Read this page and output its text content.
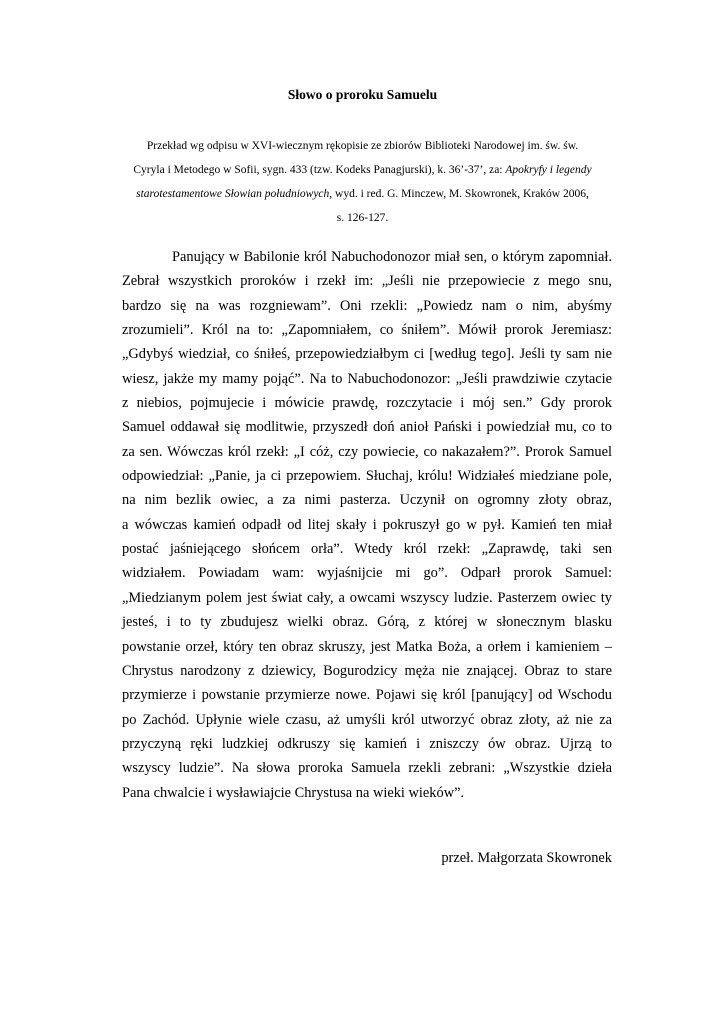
Słowo o proroku Samuelu
Przekład wg odpisu w XVI-wiecznym rękopisie ze zbiorów Biblioteki Narodowej im. św. św.
Cyryla i Metodego w Sofii, sygn. 433 (tzw. Kodeks Panagjurski), k. 36’-37’, za: Apokryfy i legendy
starotestamentowe Słowian południowych, wyd. i red. G. Minczew, M. Skowronek, Kraków 2006,
s. 126-127.
Panujący w Babilonie król Nabuchodonozor miał sen, o którym zapomniał.
Zebrał wszystkich proroków i rzekł im: „Jeśli nie przepowiecie z mego snu,
bardzo się na was rozgniewam”. Oni rzekli: „Powiedz nam o nim, abyśmy
zrozumieli”. Król na to: „Zapomniałem, co śniłem”. Mówił prorok Jeremiasz:
„Gdybyś wiedział, co śniłeś, przepowiedziałbym ci [według tego]. Jeśli ty sam nie
wiesz, jakże my mamy pojąć”. Na to Nabuchodonozor: „Jeśli prawdziwie czytacie
z niebios, pojmujecie i mówicie prawdę, rozczytacie i mój sen.” Gdy prorok
Samuel oddawał się modlitwie, przyszedł doń anioł Pański i powiedział mu, co to
za sen. Wówczas król rzekł: „I cóż, czy powiecie, co nakazałem?”. Prorok Samuel
odpowiedział: „Panie, ja ci przepowiem. Słuchaj, królu! Widziałeś miedziane pole,
na nim bezlik owiec, a za nimi pasterza. Uczynił on ogromny złoty obraz,
a wówczas kamień odpadł od litej skały i pokruszył go w pył. Kamień ten miał
postać jaśniejącego słońcem orła”. Wtedy król rzekł: „Zaprawdę, taki sen
widziałem. Powiadam wam: wyjaśnijcie mi go”. Odparł prorok Samuel:
„Miedzianym polem jest świat cały, a owcami wszyscy ludzie. Pasterzem owiec ty
jesteś, i to ty zbudujesz wielki obraz. Górą, z której w słonecznym blasku
powstanie orzeł, który ten obraz skruszy, jest Matka Boża, a orłem i kamieniem –
Chrystus narodzony z dziewicy, Bogurodzicy męża nie znającej. Obraz to stare
przymierze i powstanie przymierze nowe. Pojawi się król [panujący] od Wschodu
po Zachód. Upłynie wiele czasu, aż umyśli król utworzyć obraz złoty, aż nie za
przyczyną ręki ludzkiej odkruszy się kamień i zniszczy ów obraz. Ujrzą to
wszyscy ludzie”. Na słowa proroka Samuela rzekli zebrani: „Wszystkie dzieła
Pana chwalcie i wysławiajcie Chrystusa na wieki wieków”.

przeł. Małgorzata Skowronek
